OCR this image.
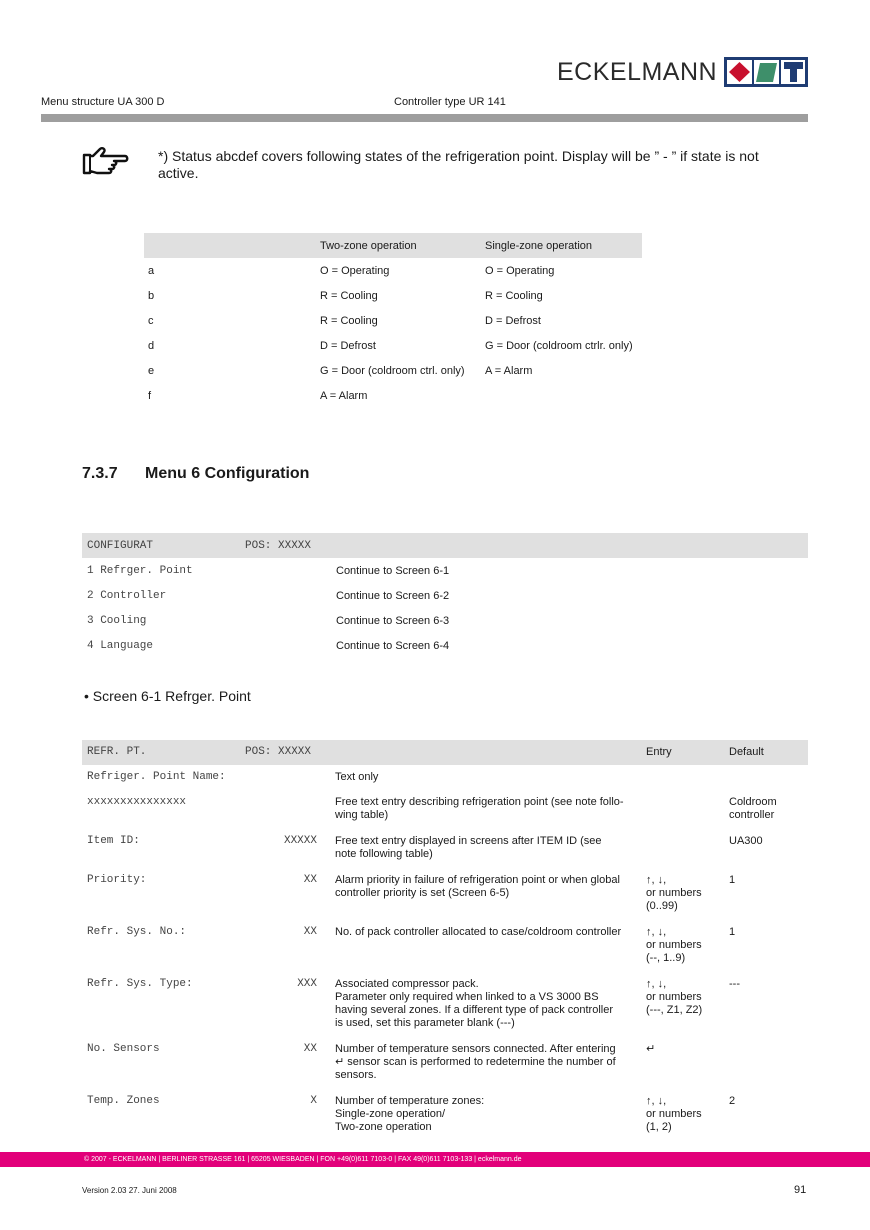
ECKELMANN
Menu structure UA 300 D	Controller type UR 141
*) Status abcdef covers following states of the refrigeration point. Display will be ” - ” if state is not active.
	Two-zone operation	Single-zone operation
a	O = Operating	O = Operating
b	R = Cooling	R = Cooling
c	R = Cooling	D = Defrost
d	D = Defrost	G = Door (coldroom ctrlr. only)
e	G = Door (coldroom ctrl. only)	A = Alarm
f	A = Alarm	
7.3.7 Menu 6 Configuration
	CONFIGURAT	POS: XXXXX	
	1 Refrger. Point		Continue to Screen 6-1
	2 Controller		Continue to Screen 6-2
	3 Cooling		Continue to Screen 6-3
	4 Language		Continue to Screen 6-4
• Screen 6-1 Refrger. Point
	REFR. PT. POS: XXXXX			Entry	Default
	Refriger. Point Name:		Text only		
	xxxxxxxxxxxxxxx		Free text entry describing refrigeration point (see note follo-
wing table)		Coldroom
controller
	Item ID: XXXXX		Free text entry displayed in screens after ITEM ID (see
note following table)		UA300
	Priority: XX		Alarm priority in failure of refrigeration point or when global
controller priority is set (Screen 6-5)	↑, ↓,
or numbers
(0..99)	1
	Refr. Sys. No.: XX		No. of pack controller allocated to case/coldroom controller	↑, ↓,
or numbers
(--, 1..9)	1
	Refr. Sys. Type: XXX		Associated compressor pack.
Parameter only required when linked to a VS 3000 BS
having several zones. If a different type of pack controller
is used, set this parameter blank (---)	↑, ↓,
or numbers
(---, Z1, Z2)	---
	No. Sensors XX		Number of temperature sensors connected. After entering
↵ sensor scan is performed to redetermine the number of
sensors.	↵	
	Temp. Zones X		Number of temperature zones:
Single-zone operation/
Two-zone operation	↑, ↓,
or numbers
(1, 2)	2
© 2007 - ECKELMANN | BERLINER STRASSE 161 | 65205 WIESBADEN | FON +49(0)611 7103-0 | FAX 49(0)611 7103-133 | eckelmann.de
Version 2.03 27. Juni 2008	91
